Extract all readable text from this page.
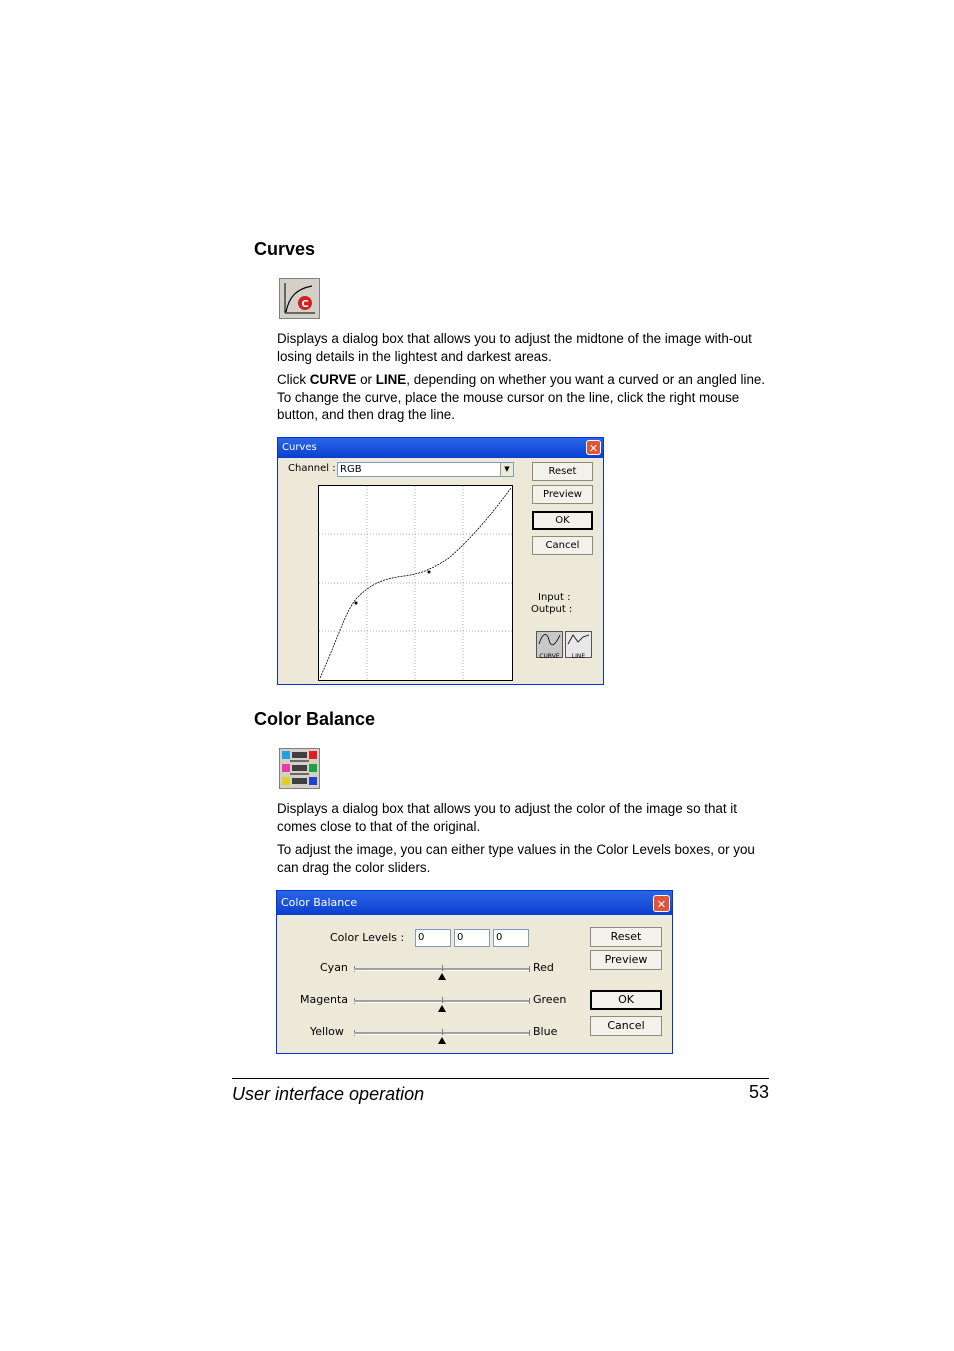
Curves
C

Displays a dialog box that allows you to adjust the midtone of the image with-out losing details in the lightest and darkest areas.

Click CURVE or LINE, depending on whether you want a curved or an angled line. To change the curve, place the mouse cursor on the line, click the right mouse button, and then drag the line.

Curves	✕
Channel : RGB	▼	Reset
Preview
OK
Cancel
Input :
Output :
CURVE	LINE
Color Balance

Displays a dialog box that allows you to adjust the color of the image so that it comes close to that of the original.

To adjust the image, you can either type values in the Color Levels boxes, or you can drag the color sliders.

Color Balance	✕
Color Levels :	0	0	0
Cyan	Red
Magenta	Green
Yellow	Blue
Reset
Preview
OK
Cancel
User interface operation	53
